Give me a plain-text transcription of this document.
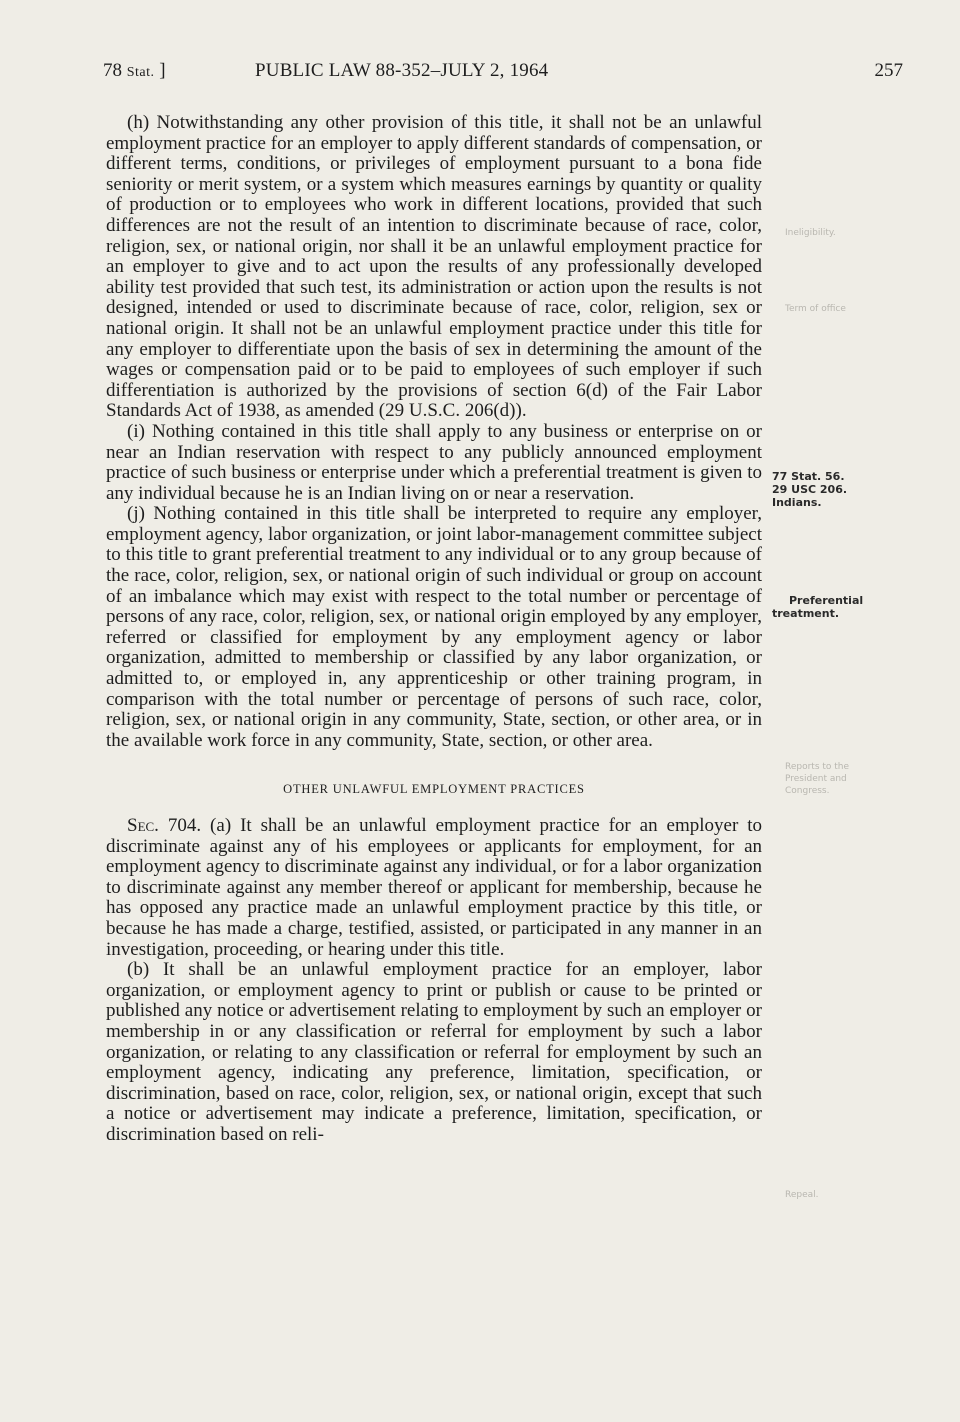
78 Stat. ]	PUBLIC LAW 88-352–JULY 2, 1964	257

(h) Notwithstanding any other provision of this title, it shall not be an unlawful employment practice for an employer to apply different standards of compensation, or different terms, conditions, or privileges of employment pursuant to a bona fide seniority or merit system, or a system which measures earnings by quantity or quality of production or to employees who work in different locations, provided that such differences are not the result of an intention to discriminate because of race, color, religion, sex, or national origin, nor shall it be an unlawful employment practice for an employer to give and to act upon the results of any professionally developed ability test provided that such test, its administration or action upon the results is not designed, intended or used to discriminate because of race, color, religion, sex or national origin. It shall not be an unlawful employment practice under this title for any employer to differentiate upon the basis of sex in determining the amount of the wages or compensation paid or to be paid to employees of such employer if such differentiation is authorized by the provisions of section 6(d) of the Fair Labor Standards Act of 1938, as amended (29 U.S.C. 206(d)).

(i) Nothing contained in this title shall apply to any business or enterprise on or near an Indian reservation with respect to any publicly announced employment practice of such business or enterprise under which a preferential treatment is given to any individual because he is an Indian living on or near a reservation.

(j) Nothing contained in this title shall be interpreted to require any employer, employment agency, labor organization, or joint labor-management committee subject to this title to grant preferential treatment to any individual or to any group because of the race, color, religion, sex, or national origin of such individual or group on account of an imbalance which may exist with respect to the total number or percentage of persons of any race, color, religion, sex, or national origin employed by any employer, referred or classified for employment by any employment agency or labor organization, admitted to membership or classified by any labor organization, or admitted to, or employed in, any apprenticeship or other training program, in comparison with the total number or percentage of persons of such race, color, religion, sex, or national origin in any community, State, section, or other area, or in the available work force in any community, State, section, or other area.

OTHER UNLAWFUL EMPLOYMENT PRACTICES

Sec. 704. (a) It shall be an unlawful employment practice for an employer to discriminate against any of his employees or applicants for employment, for an employment agency to discriminate against any individual, or for a labor organization to discriminate against any member thereof or applicant for membership, because he has opposed any practice made an unlawful employment practice by this title, or because he has made a charge, testified, assisted, or participated in any manner in an investigation, proceeding, or hearing under this title.

(b) It shall be an unlawful employment practice for an employer, labor organization, or employment agency to print or publish or cause to be printed or published any notice or advertisement relating to employment by such an employer or membership in or any classification or referral for employment by such a labor organization, or relating to any classification or referral for employment by such an employment agency, indicating any preference, limitation, specification, or discrimination, based on race, color, religion, sex, or national origin, except that such a notice or advertisement may indicate a preference, limitation, specification, or discrimination based on reli-

77 Stat. 56.
29 USC 206.
Indians.
Preferential
treatment.
Ineligibility.
Term of office
Reports to the
President and
Congress.
Repeal.
